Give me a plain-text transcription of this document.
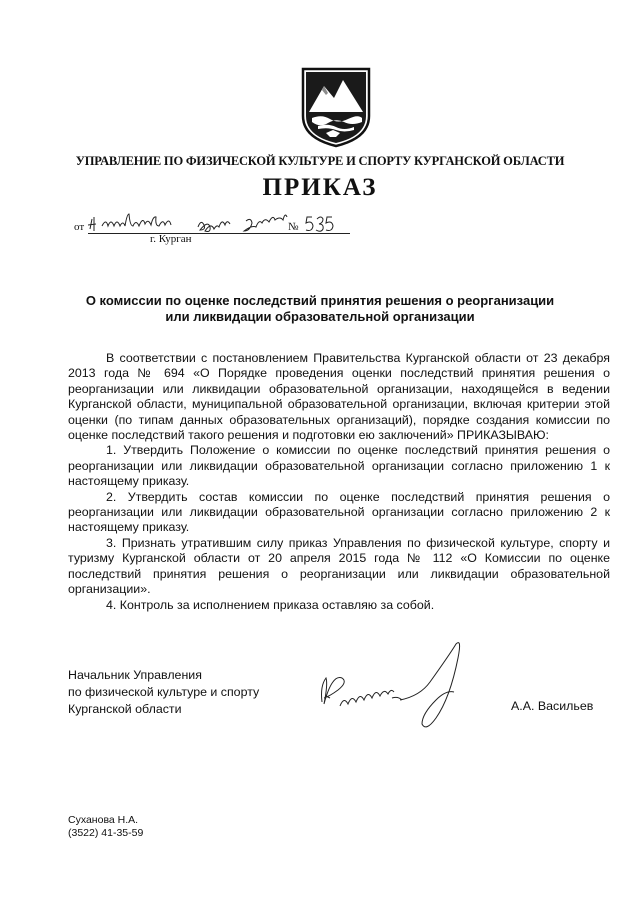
УПРАВЛЕНИЕ ПО ФИЗИЧЕСКОЙ КУЛЬТУРЕ И СПОРТУ КУРГАНСКОЙ ОБЛАСТИ
ПРИКАЗ
от	№
г. Курган
О комиссии по оценке последствий принятия решения о реорганизации или ликвидации образовательной организации

В соответствии с постановлением Правительства Курганской области от 23 декабря 2013 года № 694 «О Порядке проведения оценки последствий принятия решения о реорганизации или ликвидации образовательной организации, находящейся в ведении Курганской области, муниципальной образовательной организации, включая критерии этой оценки (по типам данных образовательных организаций), порядке создания комиссии по оценке последствий такого решения и подготовки ею заключений» ПРИКАЗЫВАЮ:

1. Утвердить Положение о комиссии по оценке последствий принятия решения о реорганизации или ликвидации образовательной организации согласно приложению 1 к настоящему приказу.

2. Утвердить состав комиссии по оценке последствий принятия решения о реорганизации или ликвидации образовательной организации согласно приложению 2 к настоящему приказу.

3. Признать утратившим силу приказ Управления по физической культуре, спорту и туризму Курганской области от 20 апреля 2015 года № 112 «О Комиссии по оценке последствий принятия решения о реорганизации или ликвидации образовательной организации».

4. Контроль за исполнением приказа оставляю за собой.

Начальник Управления
по физической культуре и спорту
Курганской области	А.А. Васильев
Суханова Н.А.
(3522) 41-35-59
